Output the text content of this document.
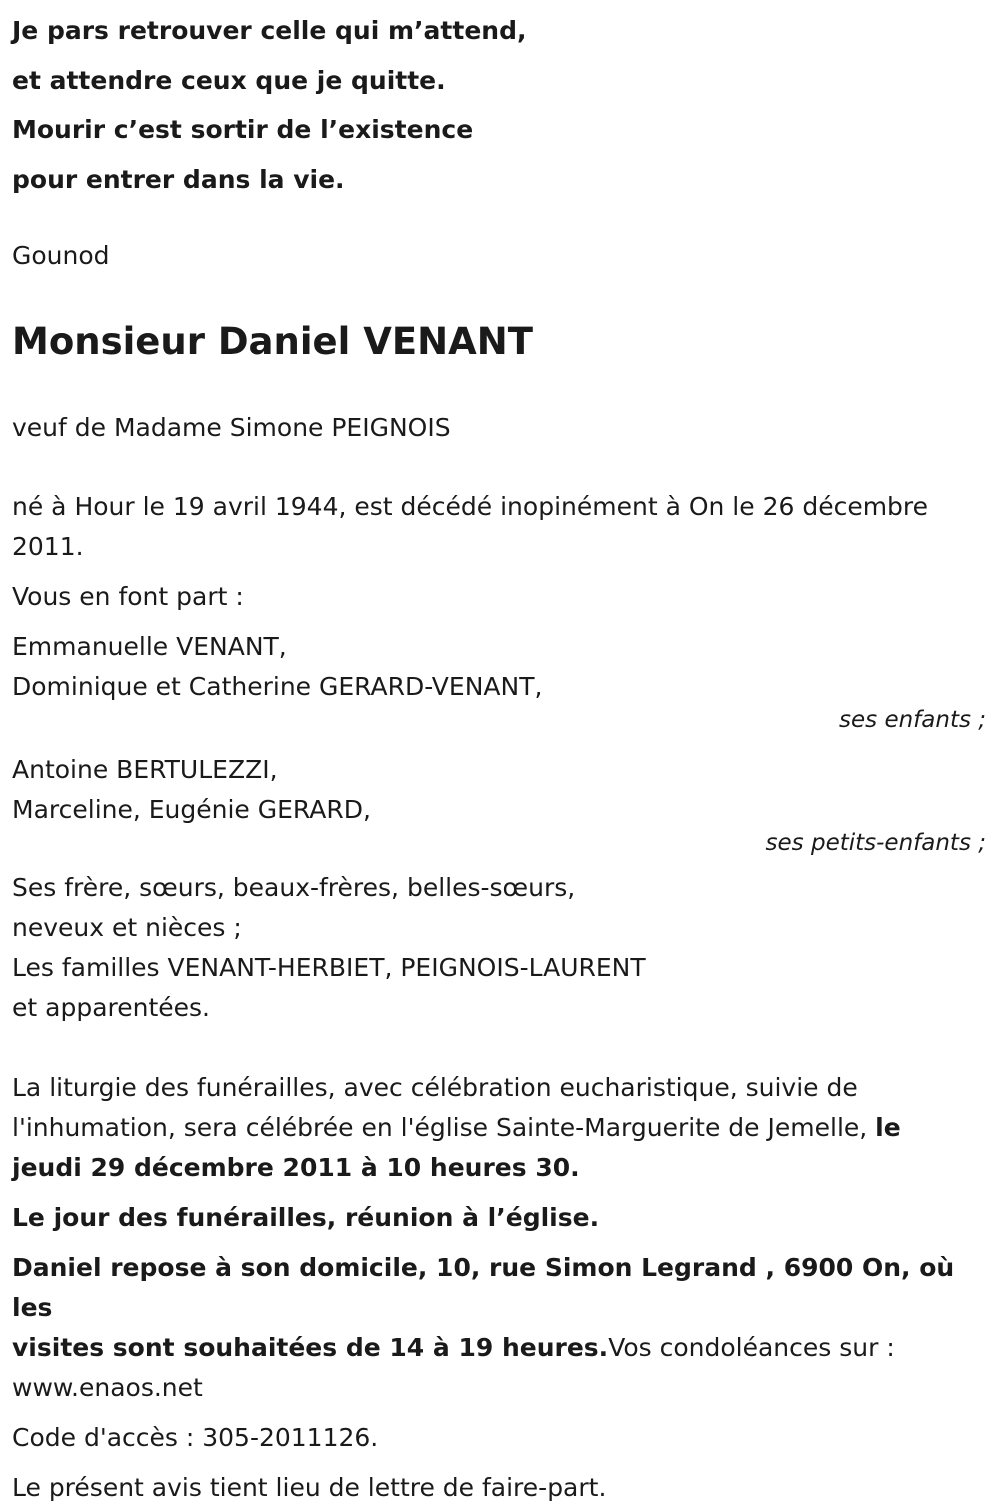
Je pars retrouver celle qui m’attend,
et attendre ceux que je quitte.
Mourir c’est sortir de l’existence
pour entrer dans la vie.
Gounod
Monsieur Daniel VENANT
veuf de Madame Simone PEIGNOIS
né à Hour le 19 avril 1944, est décédé inopinément à On le 26 décembre
2011.
Vous en font part :
Emmanuelle VENANT,
Dominique et Catherine GERARD-VENANT,
ses enfants ;
Antoine BERTULEZZI,
Marceline, Eugénie GERARD,
ses petits-enfants ;
Ses frère, sœurs, beaux-frères, belles-sœurs,
neveux et nièces ;
Les familles VENANT-HERBIET, PEIGNOIS-LAURENT
et apparentées.
La liturgie des funérailles, avec célébration eucharistique, suivie de
l'inhumation, sera célébrée en l'église Sainte-Marguerite de Jemelle, le
jeudi 29 décembre 2011 à 10 heures 30.
Le jour des funérailles, réunion à l’église.
Daniel repose à son domicile, 10, rue Simon Legrand , 6900 On, où les
visites sont souhaitées de 14 à 19 heures.Vos condoléances sur :
www.enaos.net
Code d'accès : 305-2011126.
Le présent avis tient lieu de lettre de faire-part.
